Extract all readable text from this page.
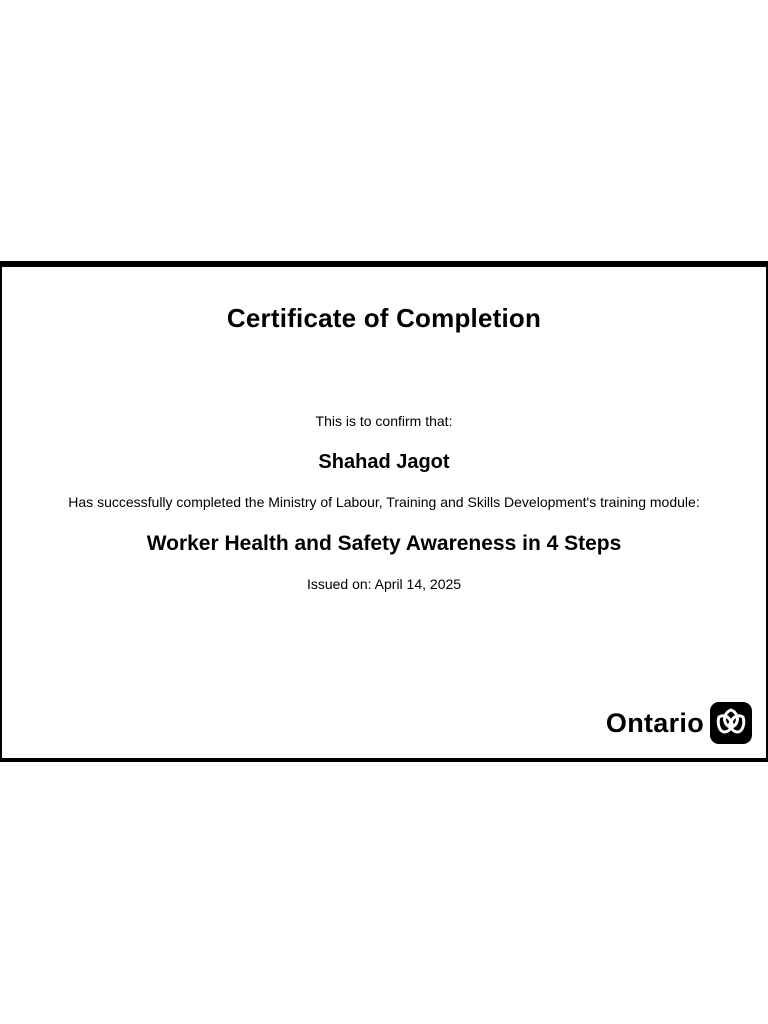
Certificate of Completion
This is to confirm that:
Shahad Jagot
Has successfully completed the Ministry of Labour, Training and Skills Development's training module:
Worker Health and Safety Awareness in 4 Steps
Issued on: April 14, 2025
Ontario
